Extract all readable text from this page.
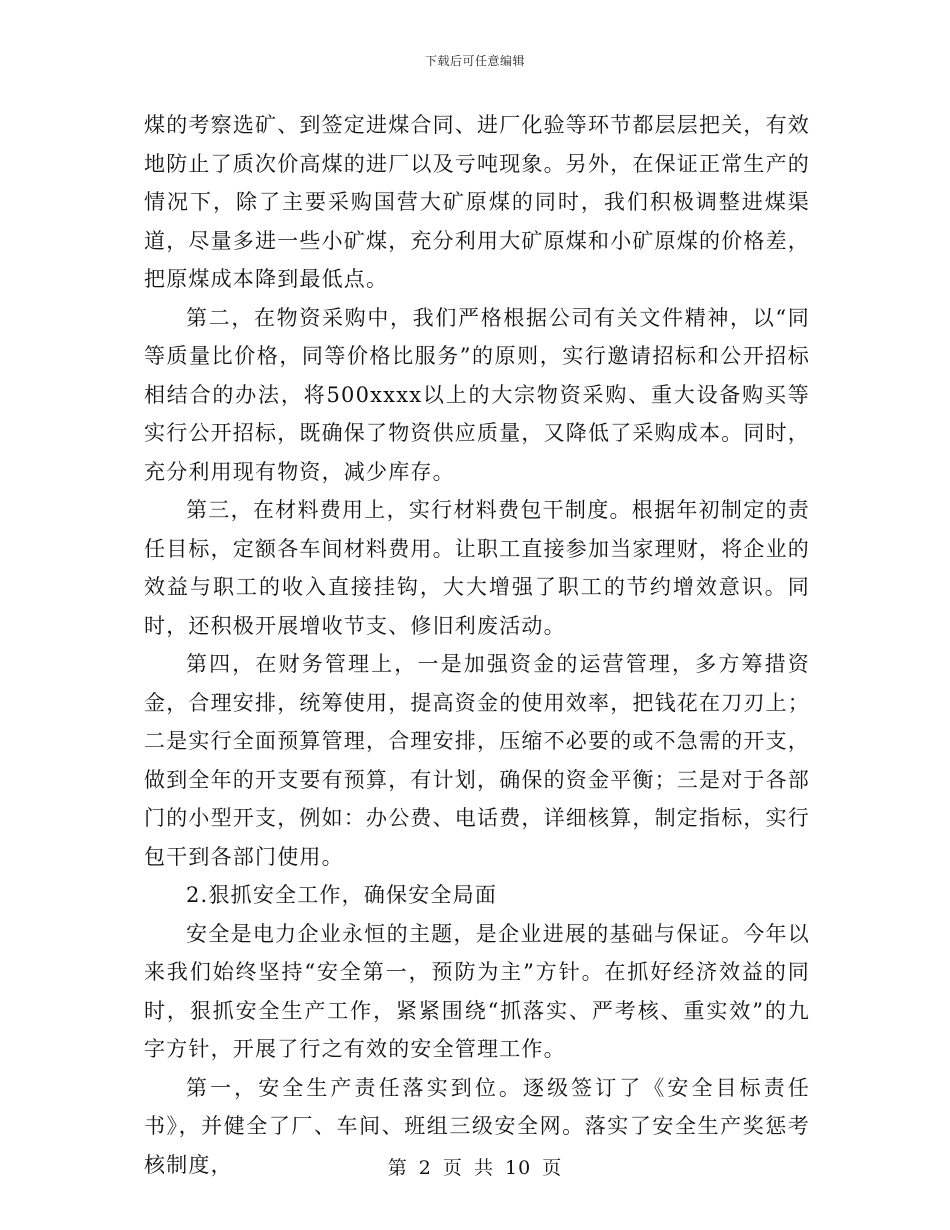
下载后可任意编辑

煤的考察选矿、到签定进煤合同、进厂化验等环节都层层把关，有效地防止了质次价高煤的进厂以及亏吨现象。另外，在保证正常生产的情况下，除了主要采购国营大矿原煤的同时，我们积极调整进煤渠道，尽量多进一些小矿煤，充分利用大矿原煤和小矿原煤的价格差，把原煤成本降到最低点。

第二，在物资采购中，我们严格根据公司有关文件精神，以“同等质量比价格，同等价格比服务”的原则，实行邀请招标和公开招标相结合的办法，将500xxxx以上的大宗物资采购、重大设备购买等实行公开招标，既确保了物资供应质量，又降低了采购成本。同时，充分利用现有物资，减少库存。

第三，在材料费用上，实行材料费包干制度。根据年初制定的责任目标，定额各车间材料费用。让职工直接参加当家理财，将企业的效益与职工的收入直接挂钩，大大增强了职工的节约增效意识。同时，还积极开展增收节支、修旧利废活动。

第四，在财务管理上，一是加强资金的运营管理，多方筹措资金，合理安排，统筹使用，提高资金的使用效率，把钱花在刀刃上；二是实行全面预算管理，合理安排，压缩不必要的或不急需的开支，做到全年的开支要有预算，有计划，确保的资金平衡；三是对于各部门的小型开支，例如：办公费、电话费，详细核算，制定指标，实行包干到各部门使用。

2.狠抓安全工作，确保安全局面

安全是电力企业永恒的主题，是企业进展的基础与保证。今年以来我们始终坚持“安全第一，预防为主”方针。在抓好经济效益的同时，狠抓安全生产工作，紧紧围绕“抓落实、严考核、重实效”的九字方针，开展了行之有效的安全管理工作。

第一，安全生产责任落实到位。逐级签订了《安全目标责任书》，并健全了厂、车间、班组三级安全网。落实了安全生产奖惩考核制度，	第 2 页 共 10 页
